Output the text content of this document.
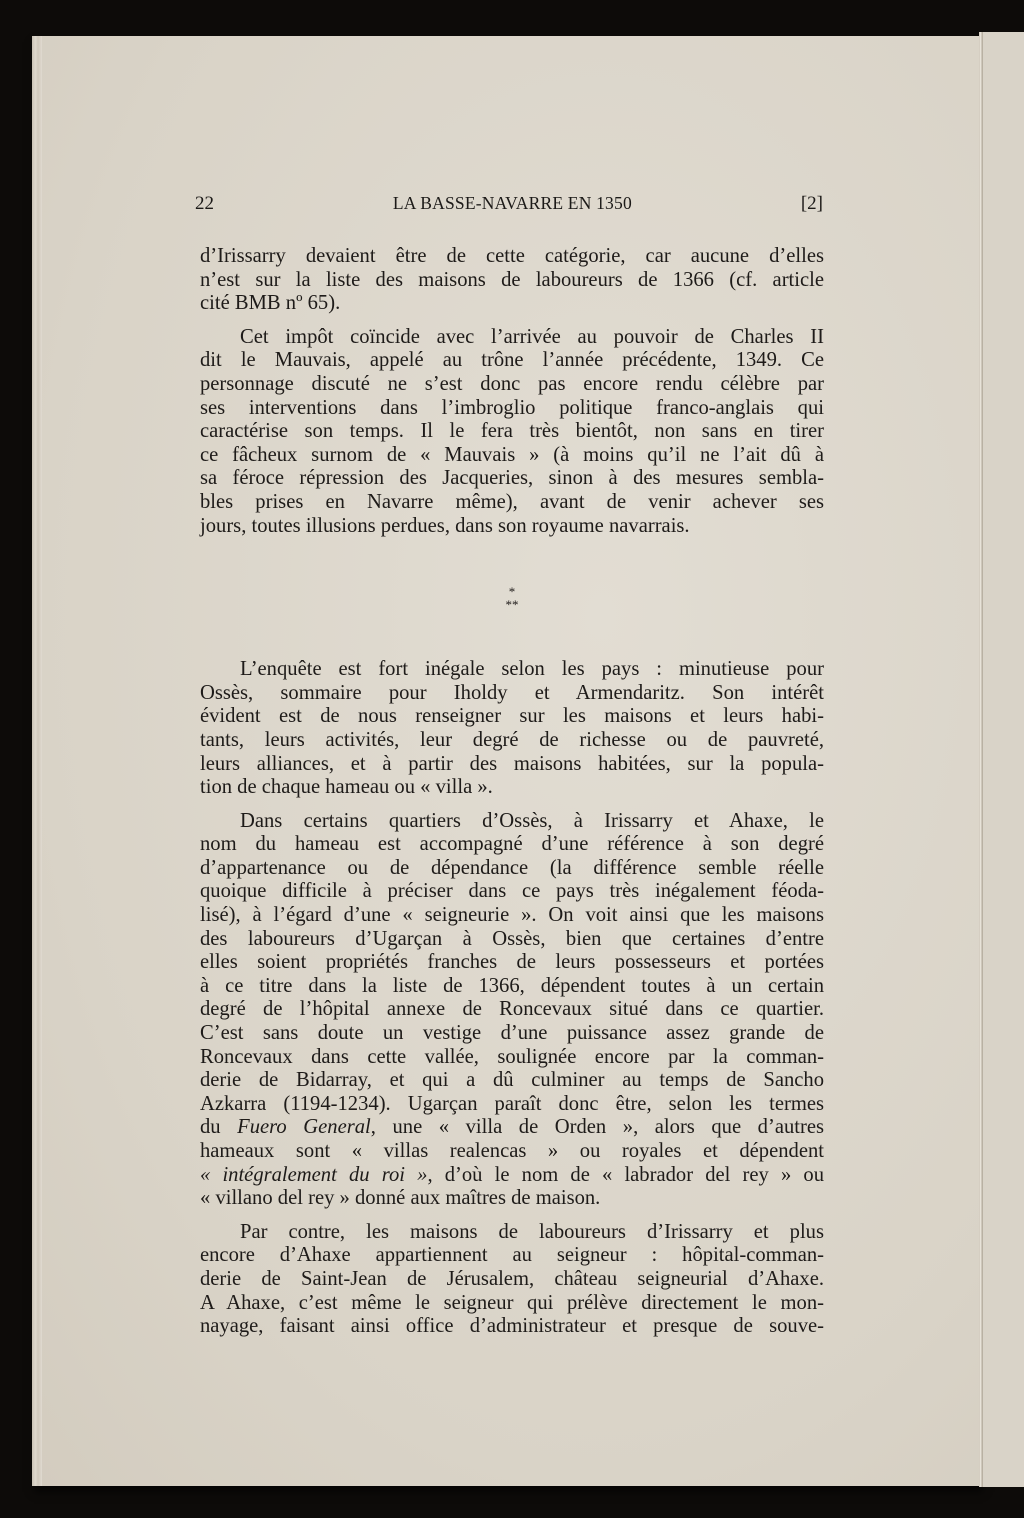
22	LA BASSE-NAVARRE EN 1350	[2]
d’Irissarry devaient être de cette catégorie, car aucune d’elles
n’est sur la liste des maisons de laboureurs de 1366 (cf. article
cité BMB nº 65).
Cet impôt coïncide avec l’arrivée au pouvoir de Charles II
dit le Mauvais, appelé au trône l’année précédente, 1349. Ce
personnage discuté ne s’est donc pas encore rendu célèbre par
ses interventions dans l’imbroglio politique franco-anglais qui
caractérise son temps. Il le fera très bientôt, non sans en tirer
ce fâcheux surnom de « Mauvais » (à moins qu’il ne l’ait dû à
sa féroce répression des Jacqueries, sinon à des mesures sembla-
bles prises en Navarre même), avant de venir achever ses
jours, toutes illusions perdues, dans son royaume navarrais.
*
**
L’enquête est fort inégale selon les pays : minutieuse pour
Ossès, sommaire pour Iholdy et Armendaritz. Son intérêt
évident est de nous renseigner sur les maisons et leurs habi-
tants, leurs activités, leur degré de richesse ou de pauvreté,
leurs alliances, et à partir des maisons habitées, sur la popula-
tion de chaque hameau ou « villa ».
Dans certains quartiers d’Ossès, à Irissarry et Ahaxe, le
nom du hameau est accompagné d’une référence à son degré
d’appartenance ou de dépendance (la différence semble réelle
quoique difficile à préciser dans ce pays très inégalement féoda-
lisé), à l’égard d’une « seigneurie ». On voit ainsi que les maisons
des laboureurs d’Ugarçan à Ossès, bien que certaines d’entre
elles soient propriétés franches de leurs possesseurs et portées
à ce titre dans la liste de 1366, dépendent toutes à un certain
degré de l’hôpital annexe de Roncevaux situé dans ce quartier.
C’est sans doute un vestige d’une puissance assez grande de
Roncevaux dans cette vallée, soulignée encore par la comman-
derie de Bidarray, et qui a dû culminer au temps de Sancho
Azkarra (1194-1234). Ugarçan paraît donc être, selon les termes
du Fuero General, une « villa de Orden », alors que d’autres
hameaux sont « villas realencas » ou royales et dépendent
« intégralement du roi », d’où le nom de « labrador del rey » ou
« villano del rey » donné aux maîtres de maison.
Par contre, les maisons de laboureurs d’Irissarry et plus
encore d’Ahaxe appartiennent au seigneur : hôpital-comman-
derie de Saint-Jean de Jérusalem, château seigneurial d’Ahaxe.
A Ahaxe, c’est même le seigneur qui prélève directement le mon-
nayage, faisant ainsi office d’administrateur et presque de souve-
